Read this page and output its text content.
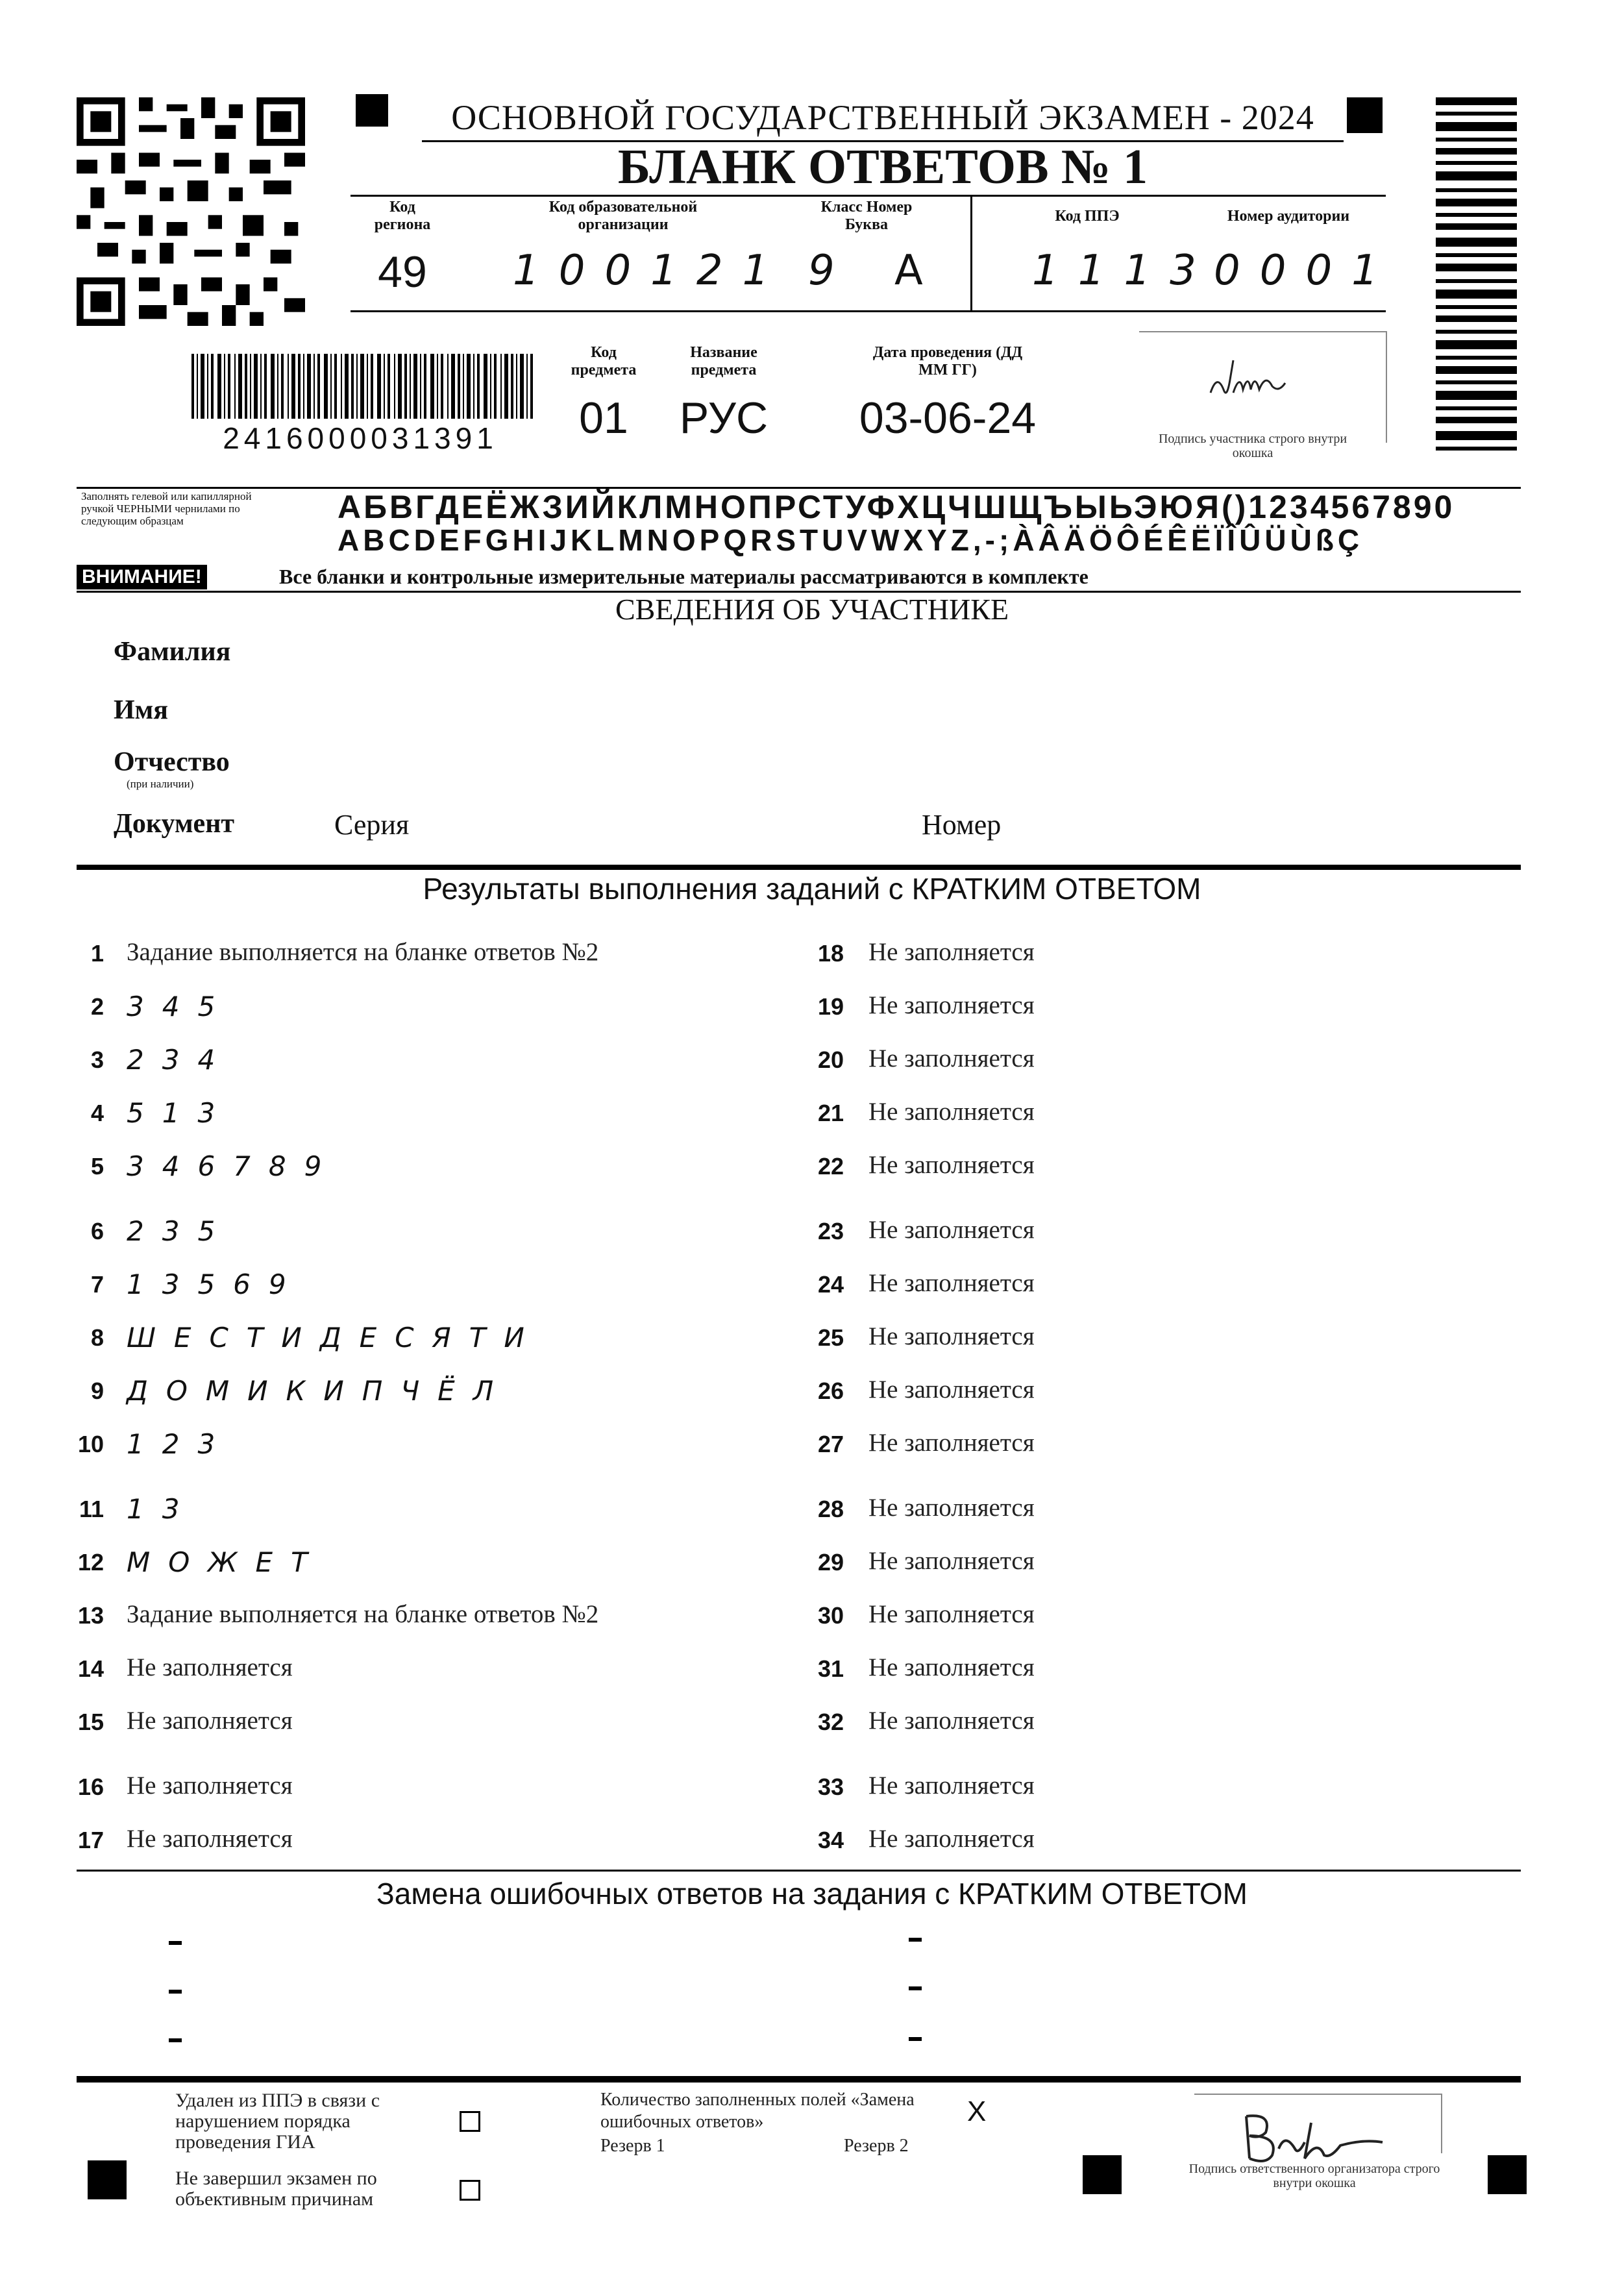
ОСНОВНОЙ ГОСУДАРСТВЕННЫЙ ЭКЗАМЕН - 2024
БЛАНК ОТВЕТОВ № 1
Код региона
49
Код образовательной организации
100121
Класс Номер Буква
9 А
Код ППЭ
1113
Номер аудитории
0001
2416000031391
Код предмета
01
Название предмета
РУС
Дата проведения (ДД ММ ГГ)
03-06-24	Подпись участника строго внутри окошка
Заполнять гелевой или капиллярной ручкой ЧЕРНЫМИ чернилами по следующим образцам	АБВГДЕЁЖЗИЙКЛМНОПРСТУФХЦЧШЩЪЫЬЭЮЯ()1234567890
ABCDEFGHIJKLMNOPQRSTUVWXYZ,-;ÀÂÄÖÔÉÊËÏÎÛÜÙßÇ
ВНИМАНИЕ!	Все бланки и контрольные измерительные материалы рассматриваются в комплекте
СВЕДЕНИЯ ОБ УЧАСТНИКЕ
Фамилия
Имя
Отчество
(при наличии)
Документ	Серия	Номер
Результаты выполнения заданий с КРАТКИМ ОТВЕТОМ
1 Задание выполняется на бланке ответов №2
2 345
3 234
4 513
5 346789
6 235
7 13569
8 ШЕСТИДЕСЯТИ
9 ДОМИКИПЧЁЛ
10 123
11 13
12 МОЖЕТ
13 Задание выполняется на бланке ответов №2
14 Не заполняется
15 Не заполняется
16 Не заполняется
17 Не заполняется
18 Не заполняется
19 Не заполняется
20 Не заполняется
21 Не заполняется
22 Не заполняется
23 Не заполняется
24 Не заполняется
25 Не заполняется
26 Не заполняется
27 Не заполняется
28 Не заполняется
29 Не заполняется
30 Не заполняется
31 Не заполняется
32 Не заполняется
33 Не заполняется
34 Не заполняется
Замена ошибочных ответов на задания с КРАТКИМ ОТВЕТОМ
Удален из ППЭ в связи с нарушением порядка проведения ГИА
Не завершил экзамен по объективным причинам
Количество заполненных полей «Замена ошибочных ответов»	X
Резерв 1	Резерв 2
Подпись ответственного организатора строго внутри окошка
